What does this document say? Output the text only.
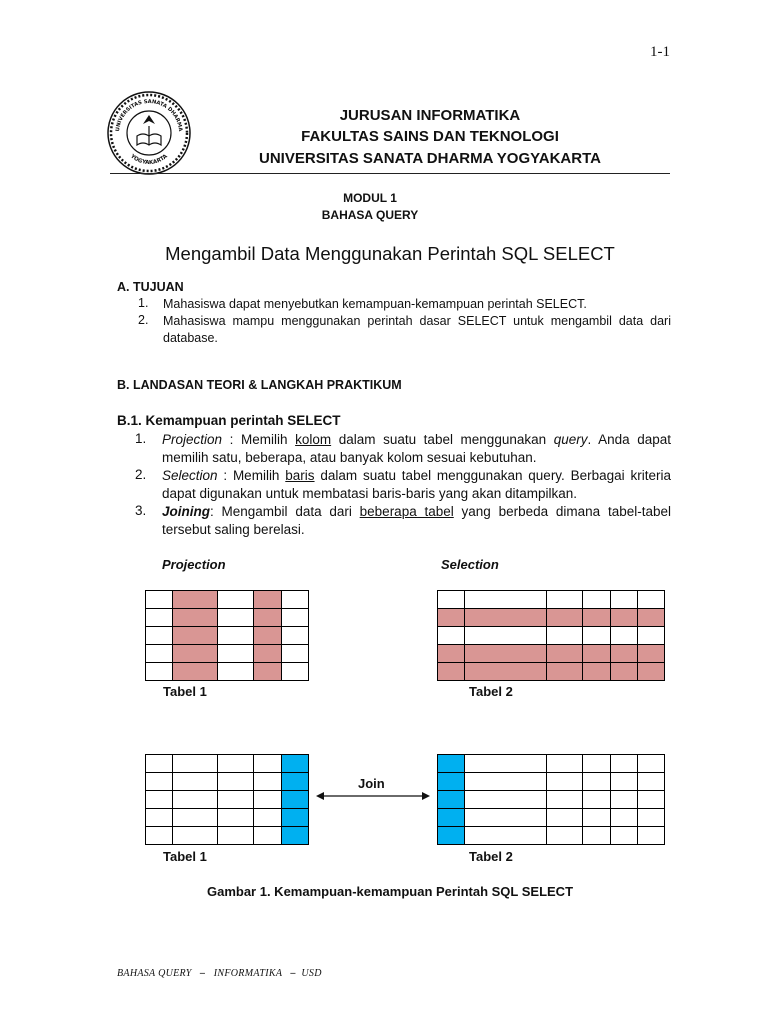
1-1
UNIVERSITAS SANATA DHARMA
YOGYAKARTA
JURUSAN INFORMATIKA
FAKULTAS SAINS DAN TEKNOLOGI
UNIVERSITAS SANATA DHARMA YOGYAKARTA
MODUL 1
BAHASA QUERY
Mengambil Data Menggunakan Perintah SQL SELECT
A. TUJUAN
1. Mahasiswa dapat menyebutkan kemampuan-kemampuan perintah SELECT.
2. Mahasiswa mampu menggunakan perintah dasar SELECT untuk mengambil data dari database.
B. LANDASAN TEORI & LANGKAH PRAKTIKUM
B.1. Kemampuan perintah SELECT
1. Projection : Memilih kolom dalam suatu tabel menggunakan query. Anda dapat memilih satu, beberapa, atau banyak kolom sesuai kebutuhan.
2. Selection : Memilih baris dalam suatu tabel menggunakan query. Berbagai kriteria dapat digunakan untuk membatasi baris-baris yang akan ditampilkan.
3. Joining: Mengambil data dari beberapa tabel yang berbeda dimana tabel-tabel tersebut saling berelasi.
Projection	Selection

Tabel 1

						Tabel 2

Tabel 1
Join

Tabel 2
Gambar 1. Kemampuan-kemampuan Perintah SQL SELECT
BAHASA QUERY – INFORMATIKA – USD
